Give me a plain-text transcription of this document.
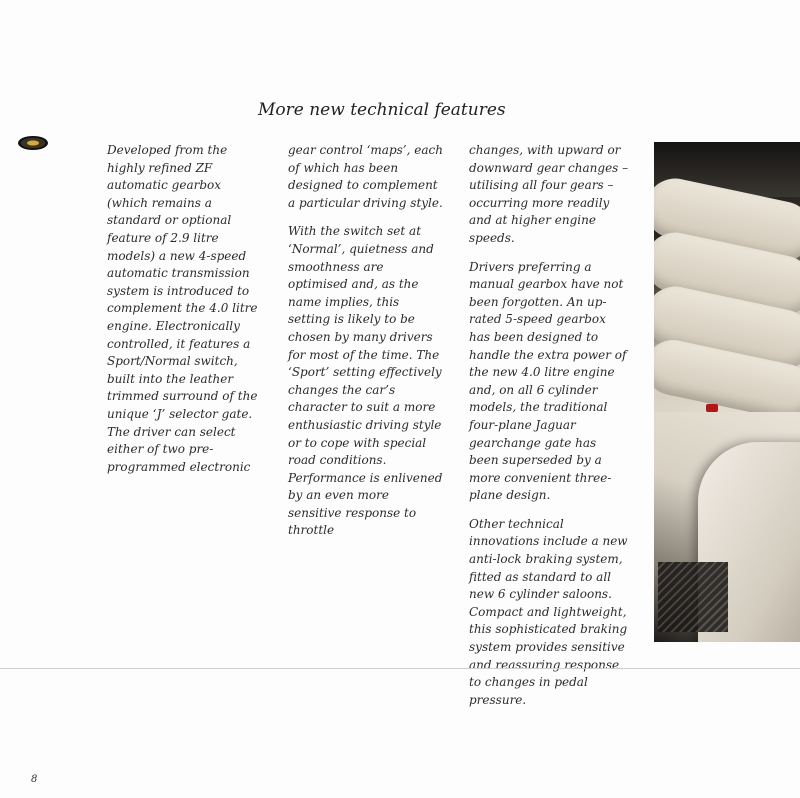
More new technical features

Developed from the highly refined ZF automatic gearbox (which remains a standard or optional feature of 2.9 litre models) a new 4-speed automatic transmission system is introduced to complement the 4.0 litre engine. Electronically controlled, it features a Sport/Normal switch, built into the leather trimmed surround of the unique ‘J’ selector gate. The driver can select either of two pre-programmed electronic

gear control ‘maps’, each of which has been designed to complement a particular driving style.

With the switch set at ‘Normal’, quietness and smoothness are optimised and, as the name implies, this setting is likely to be chosen by many drivers for most of the time. The ‘Sport’ setting effectively changes the car’s character to suit a more enthusiastic driving style or to cope with special road conditions. Performance is enlivened by an even more sensitive response to throttle

changes, with upward or downward gear changes – utilising all four gears – occurring more readily and at higher engine speeds.

Drivers preferring a manual gearbox have not been forgotten. An up-rated 5-speed gearbox has been designed to handle the extra power of the new 4.0 litre engine and, on all 6 cylinder models, the traditional four-plane Jaguar gearchange gate has been superseded by a more convenient three-plane design.

Other technical innovations include a new anti-lock braking system, fitted as standard to all new 6 cylinder saloons. Compact and lightweight, this sophisticated braking system provides sensitive and reassuring response to changes in pedal pressure.

8
